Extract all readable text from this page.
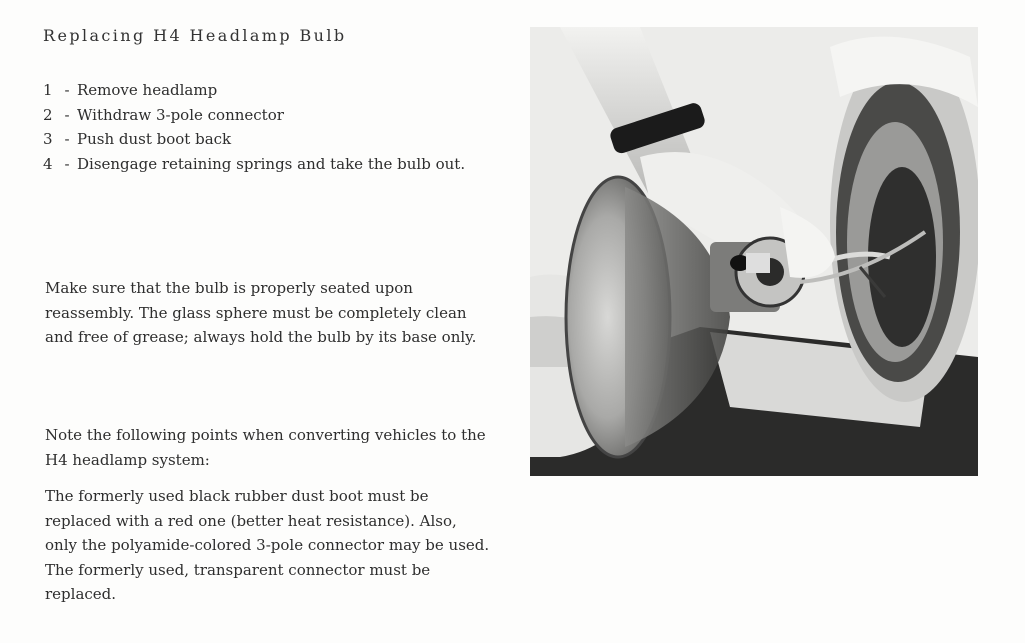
Replacing H4 Headlamp Bulb
1 - Remove headlamp
2 - Withdraw 3-pole connector
3 - Push dust boot back
4 - Disengage retaining springs and take the bulb out.

Make sure that the bulb is properly seated upon reassembly. The glass sphere must be completely clean and free of grease; always hold the bulb by its base only.

Note the following points when converting vehicles to the H4 headlamp system:

The formerly used black rubber dust boot must be replaced with a red one (better heat resistance). Also, only the polyamide-colored 3-pole connector may be used. The formerly used, transparent connector must be replaced.
